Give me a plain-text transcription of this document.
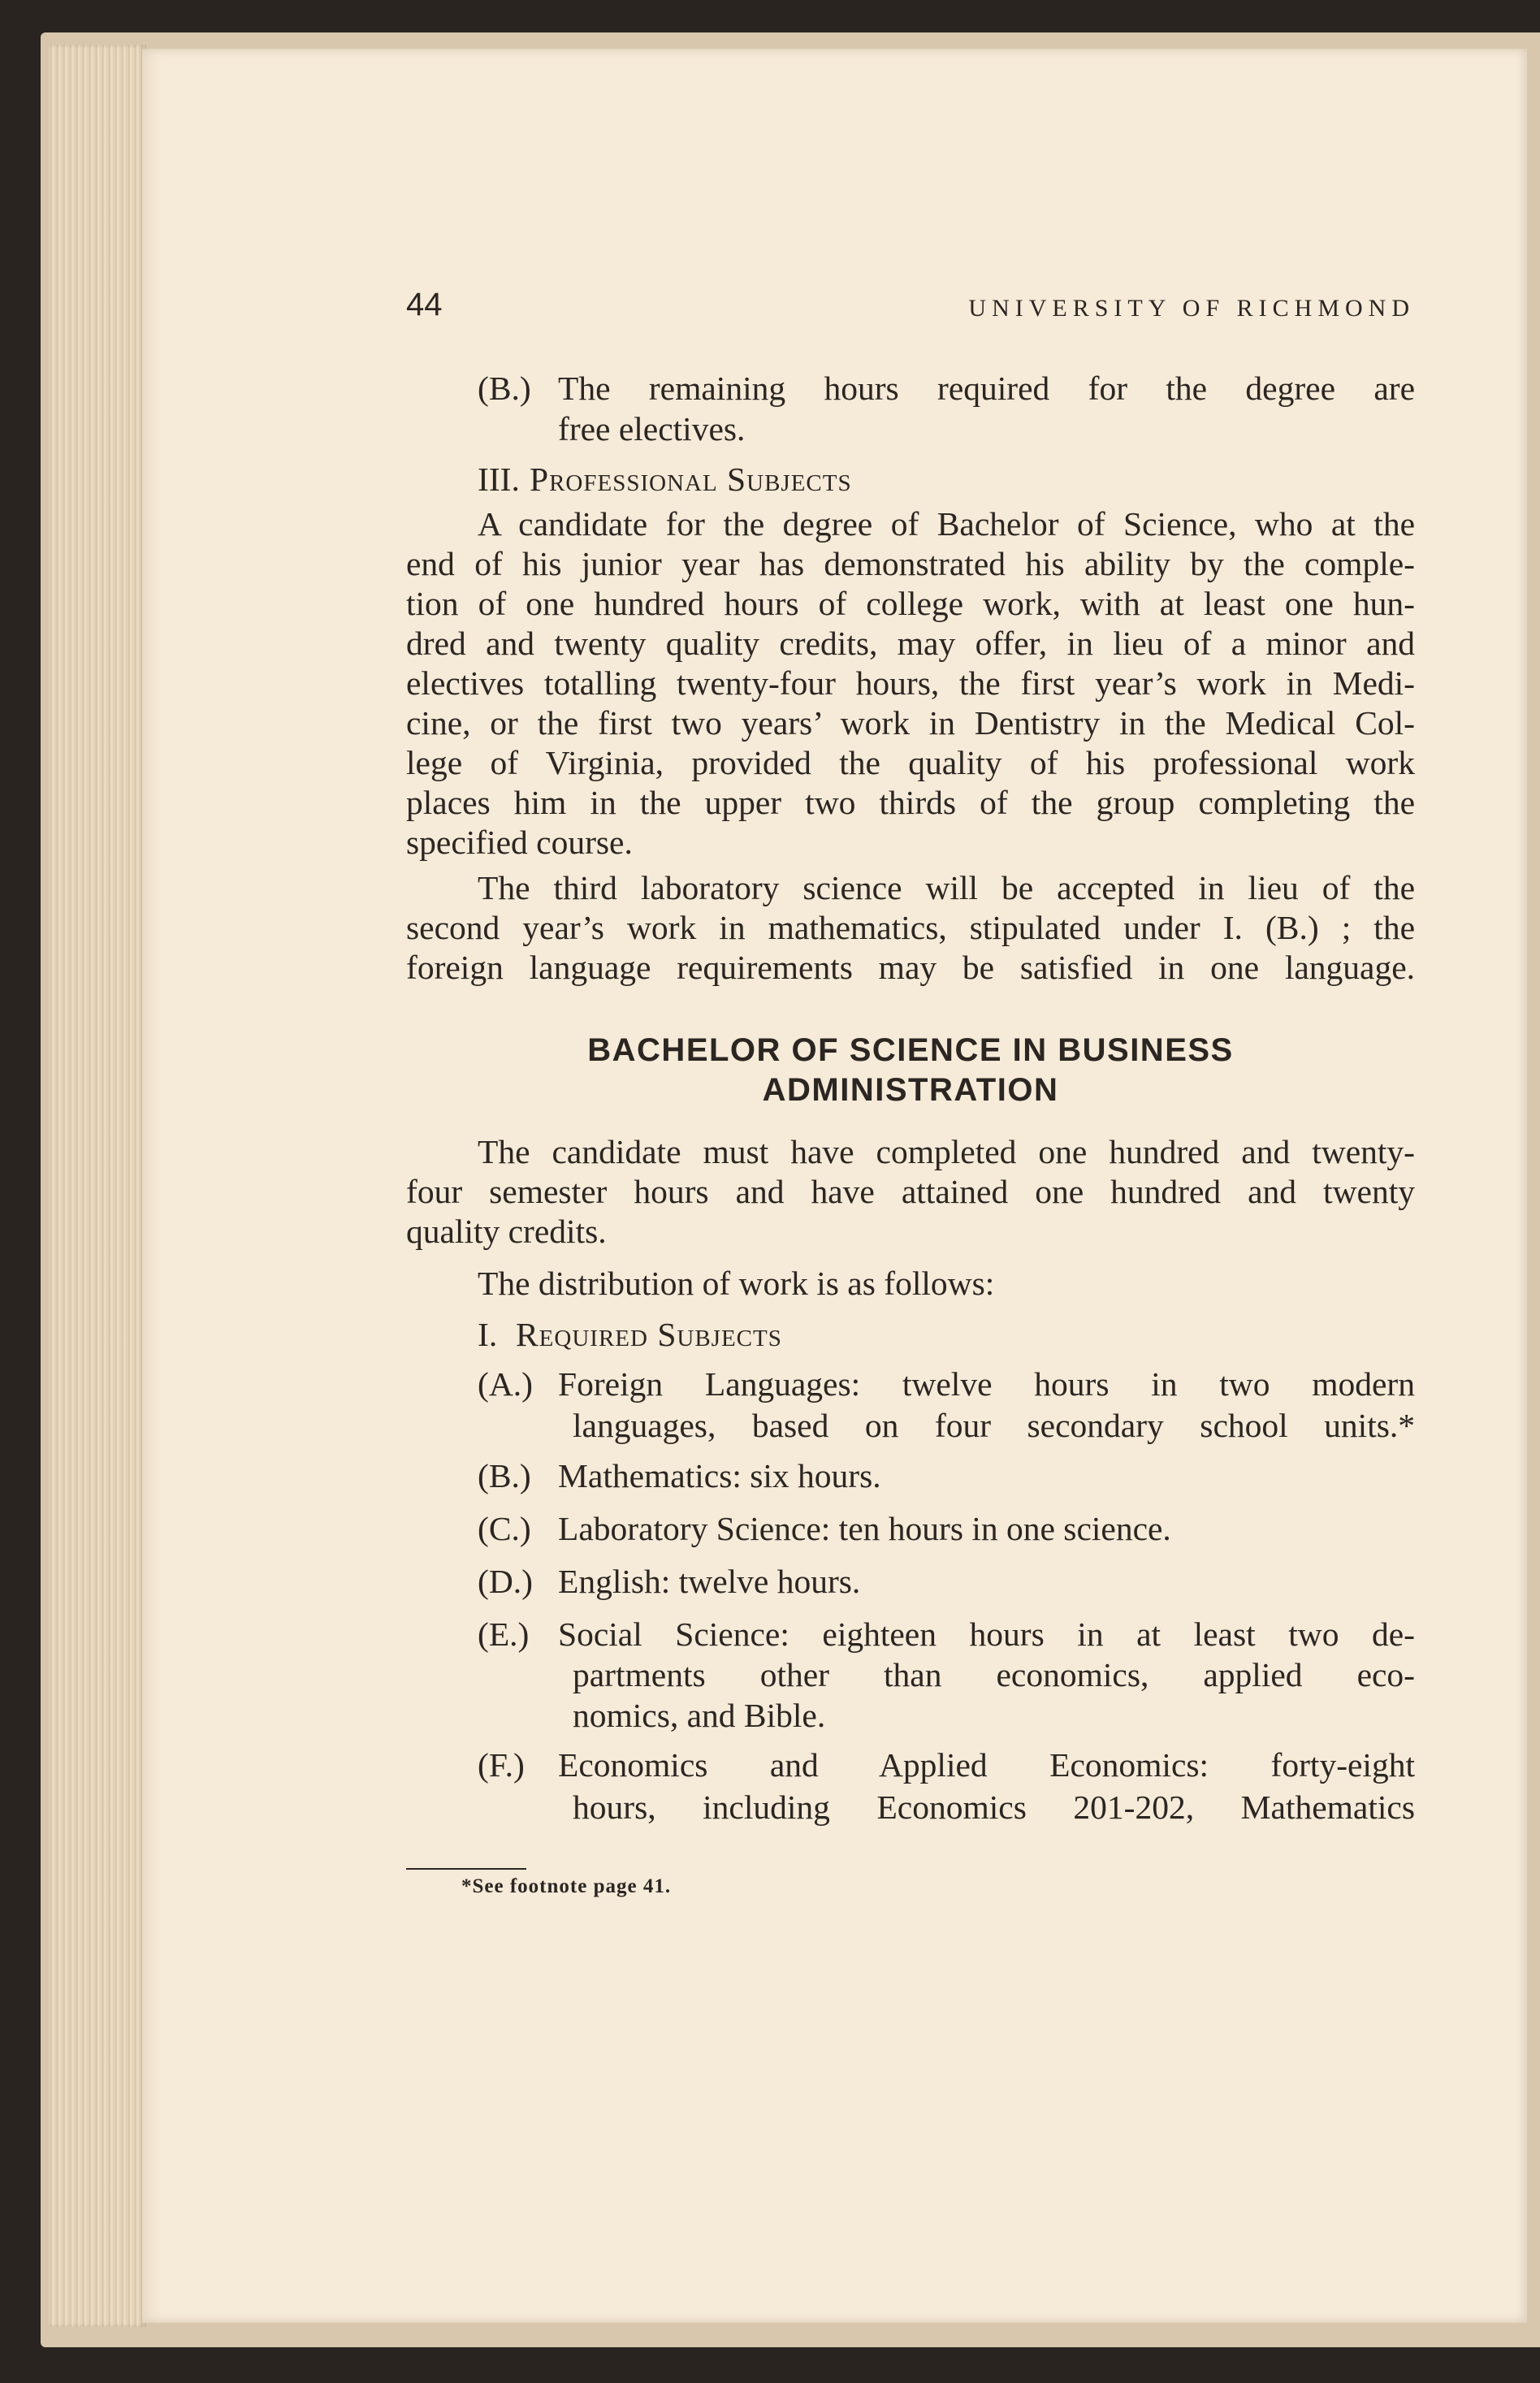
44	UNIVERSITY OF RICHMOND
(B.) The remaining hours required for the degree are
free electives.
III. Professional Subjects
A candidate for the degree of Bachelor of Science, who at the
end of his junior year has demonstrated his ability by the comple-
tion of one hundred hours of college work, with at least one hun-
dred and twenty quality credits, may offer, in lieu of a minor and
electives totalling twenty-four hours, the first year’s work in Medi-
cine, or the first two years’ work in Dentistry in the Medical Col-
lege of Virginia, provided the quality of his professional work
places him in the upper two thirds of the group completing the
specified course.
The third laboratory science will be accepted in lieu of the
second year’s work in mathematics, stipulated under I. (B.) ; the
foreign language requirements may be satisfied in one language.
BACHELOR OF SCIENCE IN BUSINESS
ADMINISTRATION
The candidate must have completed one hundred and twenty-
four semester hours and have attained one hundred and twenty
quality credits.
The distribution of work is as follows:
I. Required Subjects
(A.) Foreign Languages: twelve hours in two modern
languages, based on four secondary school units.*
(B.) Mathematics: six hours.
(C.) Laboratory Science: ten hours in one science.
(D.) English: twelve hours.
(E.) Social Science: eighteen hours in at least two de-
partments other than economics, applied eco-
nomics, and Bible.
(F.) Economics and Applied Economics: forty-eight
hours, including Economics 201-202, Mathematics
*See footnote page 41.
